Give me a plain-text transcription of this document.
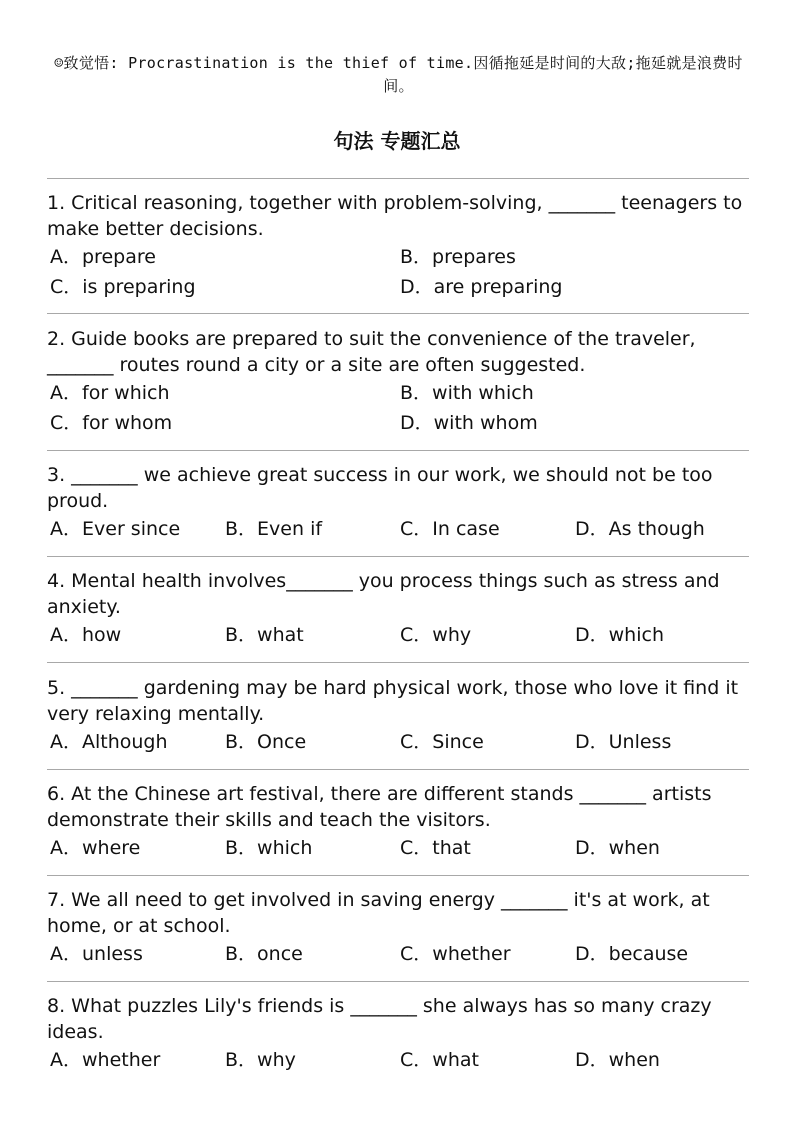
☺致觉悟: Procrastination is the thief of time.因循拖延是时间的大敌;拖延就是浪费时间。
句法 专题汇总

1. Critical reasoning, together with problem-solving, _______ teenagers to make better decisions.

A．prepare	B．prepares
C．is preparing	D．are preparing

2. Guide books are prepared to suit the convenience of the traveler, _______ routes round a city or a site are often suggested.

A．for which	B．with which
C．for whom	D．with whom

3. _______ we achieve great success in our work, we should not be too proud.

A．Ever since B．Even if	C．In case	D．As though

4. Mental health involves_______ you process things such as stress and anxiety.

A．how	B．what	C．why	D．which

5. _______ gardening may be hard physical work, those who love it find it very relaxing mentally.

A．Although	B．Once	C．Since	D．Unless

6. At the Chinese art festival, there are different stands _______ artists demonstrate their skills and teach the visitors.

A．where	B．which	C．that	D．when

7. We all need to get involved in saving energy _______ it's at work, at home, or at school.

A．unless	B．once	C．whether	D．because

8. What puzzles Lily's friends is _______ she always has so many crazy ideas.

A．whether	B．why	C．what	D．when
